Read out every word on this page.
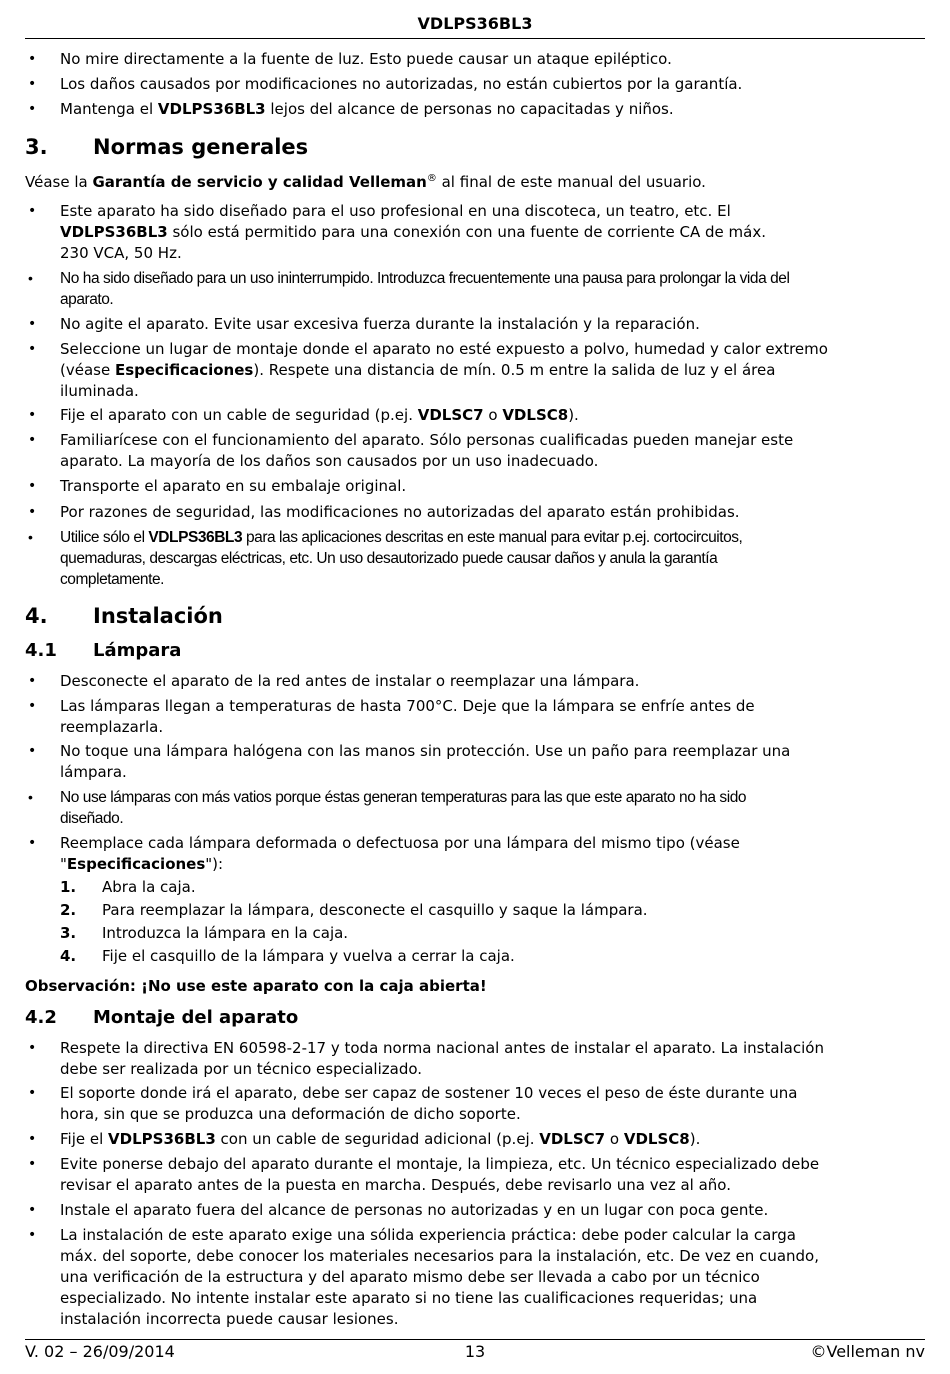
VDLPS36BL3
• No mire directamente a la fuente de luz. Esto puede causar un ataque epiléptico.
• Los daños causados por modificaciones no autorizadas, no están cubiertos por la garantía.
• Mantenga el VDLPS36BL3 lejos del alcance de personas no capacitadas y niños.
3. Normas generales
Véase la Garantía de servicio y calidad Velleman® al final de este manual del usuario.
• Este aparato ha sido diseñado para el uso profesional en una discoteca, un teatro, etc. El
VDLPS36BL3 sólo está permitido para una conexión con una fuente de corriente CA de máx.
230 VCA, 50 Hz.
• No ha sido diseñado para un uso ininterrumpido. Introduzca frecuentemente una pausa para prolongar la vida del
aparato.
• No agite el aparato. Evite usar excesiva fuerza durante la instalación y la reparación.
• Seleccione un lugar de montaje donde el aparato no esté expuesto a polvo, humedad y calor extremo
(véase Especificaciones). Respete una distancia de mín. 0.5 m entre la salida de luz y el área
iluminada.
• Fije el aparato con un cable de seguridad (p.ej. VDLSC7 o VDLSC8).
• Familiarícese con el funcionamiento del aparato. Sólo personas cualificadas pueden manejar este
aparato. La mayoría de los daños son causados por un uso inadecuado.
• Transporte el aparato en su embalaje original.
• Por razones de seguridad, las modificaciones no autorizadas del aparato están prohibidas.
• Utilice sólo el VDLPS36BL3 para las aplicaciones descritas en este manual para evitar p.ej. cortocircuitos,
quemaduras, descargas eléctricas, etc. Un uso desautorizado puede causar daños y anula la garantía
completamente.
4. Instalación
4.1 Lámpara
• Desconecte el aparato de la red antes de instalar o reemplazar una lámpara.
• Las lámparas llegan a temperaturas de hasta 700°C. Deje que la lámpara se enfríe antes de
reemplazarla.
• No toque una lámpara halógena con las manos sin protección. Use un paño para reemplazar una
lámpara.
• No use lámparas con más vatios porque éstas generan temperaturas para las que este aparato no ha sido
diseñado.
• Reemplace cada lámpara deformada o defectuosa por una lámpara del mismo tipo (véase
"Especificaciones"):
1. Abra la caja.
2. Para reemplazar la lámpara, desconecte el casquillo y saque la lámpara.
3. Introduzca la lámpara en la caja.
4. Fije el casquillo de la lámpara y vuelva a cerrar la caja.
Observación: ¡No use este aparato con la caja abierta!
4.2 Montaje del aparato
• Respete la directiva EN 60598-2-17 y toda norma nacional antes de instalar el aparato. La instalación
debe ser realizada por un técnico especializado.
• El soporte donde irá el aparato, debe ser capaz de sostener 10 veces el peso de éste durante una
hora, sin que se produzca una deformación de dicho soporte.
• Fije el VDLPS36BL3 con un cable de seguridad adicional (p.ej. VDLSC7 o VDLSC8).
• Evite ponerse debajo del aparato durante el montaje, la limpieza, etc. Un técnico especializado debe
revisar el aparato antes de la puesta en marcha. Después, debe revisarlo una vez al año.
• Instale el aparato fuera del alcance de personas no autorizadas y en un lugar con poca gente.
• La instalación de este aparato exige una sólida experiencia práctica: debe poder calcular la carga
máx. del soporte, debe conocer los materiales necesarios para la instalación, etc. De vez en cuando,
una verificación de la estructura y del aparato mismo debe ser llevada a cabo por un técnico
especializado. No intente instalar este aparato si no tiene las cualificaciones requeridas; una
instalación incorrecta puede causar lesiones.
V. 02 – 26/09/2014	13	©Velleman nv
